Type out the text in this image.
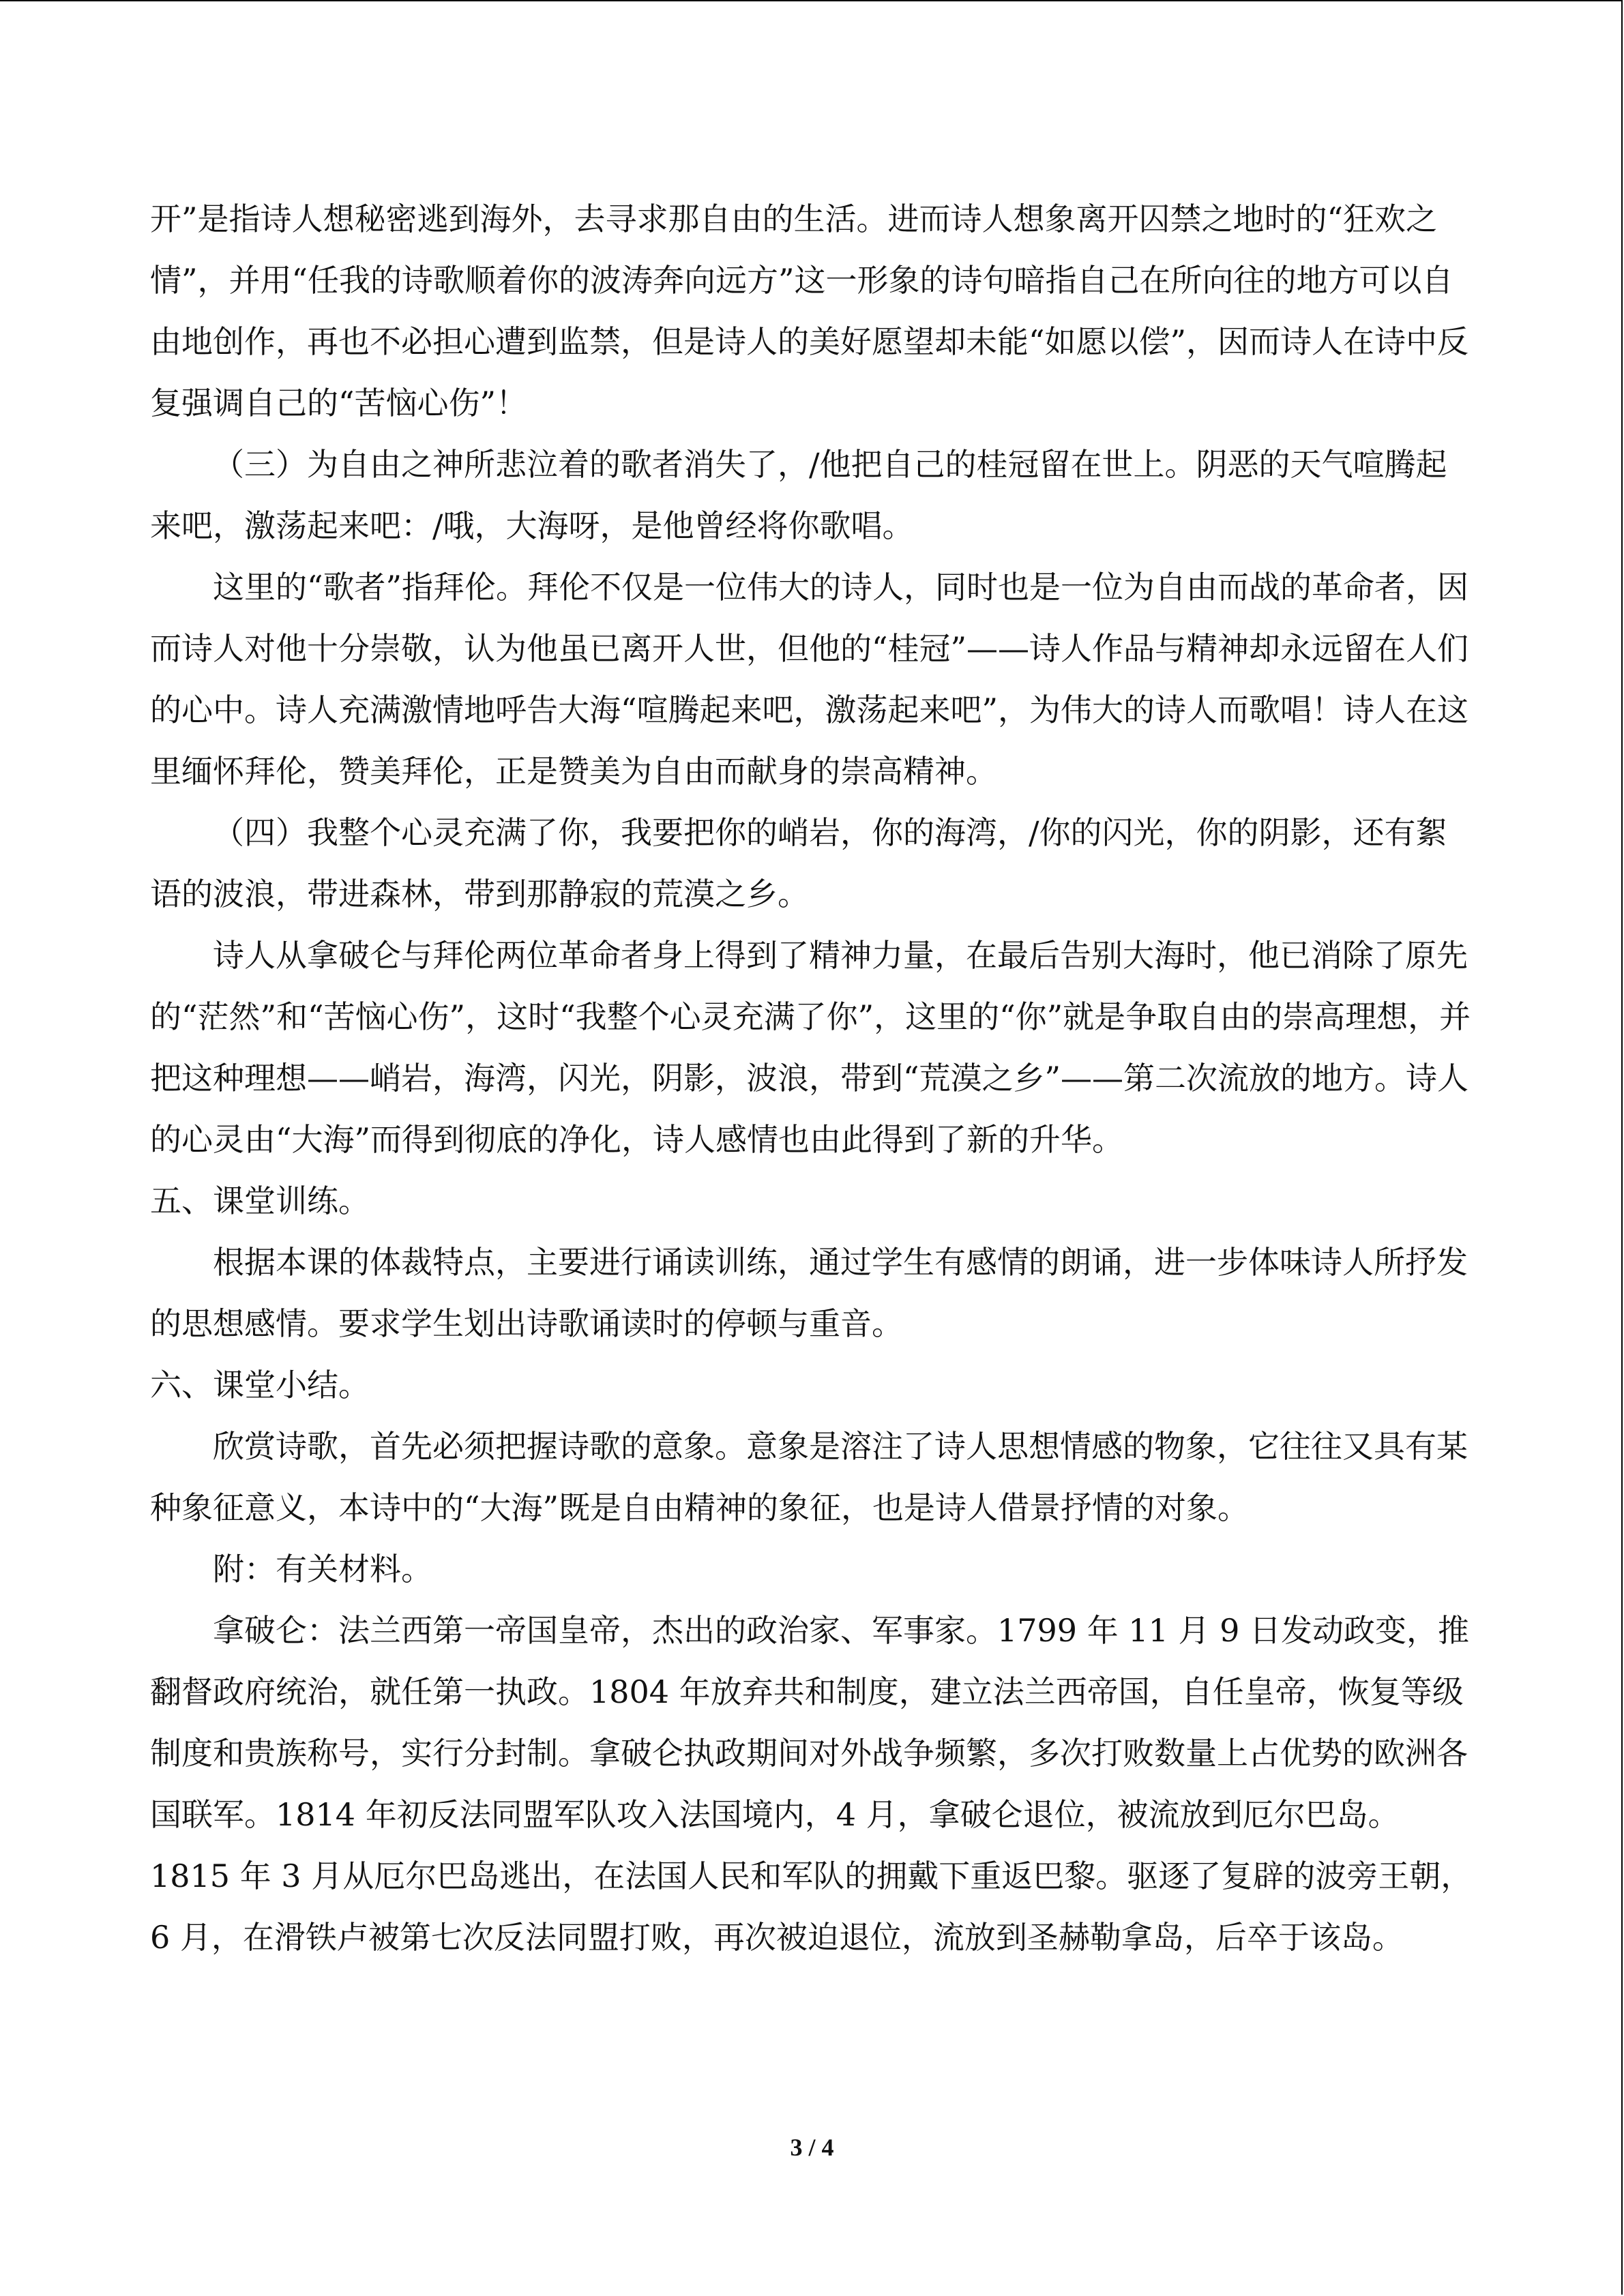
开”是指诗人想秘密逃到海外，去寻求那自由的生活。进而诗人想象离开囚禁之地时的“狂欢之情”，并用“任我的诗歌顺着你的波涛奔向远方”这一形象的诗句暗指自己在所向往的地方可以自由地创作，再也不必担心遭到监禁，但是诗人的美好愿望却未能“如愿以偿”，因而诗人在诗中反复强调自己的“苦恼心伤”！

（三）为自由之神所悲泣着的歌者消失了，/他把自己的桂冠留在世上。阴恶的天气喧腾起来吧，激荡起来吧：/哦，大海呀，是他曾经将你歌唱。

这里的“歌者”指拜伦。拜伦不仅是一位伟大的诗人，同时也是一位为自由而战的革命者，因而诗人对他十分崇敬，认为他虽已离开人世，但他的“桂冠”——诗人作品与精神却永远留在人们的心中。诗人充满激情地呼告大海“喧腾起来吧，激荡起来吧”，为伟大的诗人而歌唱！诗人在这里缅怀拜伦，赞美拜伦，正是赞美为自由而献身的崇高精神。

（四）我整个心灵充满了你，我要把你的峭岩，你的海湾，/你的闪光，你的阴影，还有絮语的波浪，带进森林，带到那静寂的荒漠之乡。

诗人从拿破仑与拜伦两位革命者身上得到了精神力量，在最后告别大海时，他已消除了原先的“茫然”和“苦恼心伤”，这时“我整个心灵充满了你”，这里的“你”就是争取自由的崇高理想，并把这种理想——峭岩，海湾，闪光，阴影，波浪，带到“荒漠之乡”——第二次流放的地方。诗人的心灵由“大海”而得到彻底的净化，诗人感情也由此得到了新的升华。

五、课堂训练。

根据本课的体裁特点，主要进行诵读训练，通过学生有感情的朗诵，进一步体味诗人所抒发的思想感情。要求学生划出诗歌诵读时的停顿与重音。

六、课堂小结。

欣赏诗歌，首先必须把握诗歌的意象。意象是溶注了诗人思想情感的物象，它往往又具有某种象征意义，本诗中的“大海”既是自由精神的象征，也是诗人借景抒情的对象。

附：有关材料。

拿破仑：法兰西第一帝国皇帝，杰出的政治家、军事家。1799 年 11 月 9 日发动政变，推翻督政府统治，就任第一执政。1804 年放弃共和制度，建立法兰西帝国，自任皇帝，恢复等级制度和贵族称号，实行分封制。拿破仑执政期间对外战争频繁，多次打败数量上占优势的欧洲各国联军。1814 年初反法同盟军队攻入法国境内，4 月，拿破仑退位，被流放到厄尔巴岛。1815 年 3 月从厄尔巴岛逃出，在法国人民和军队的拥戴下重返巴黎。驱逐了复辟的波旁王朝，6 月，在滑铁卢被第七次反法同盟打败，再次被迫退位，流放到圣赫勒拿岛，后卒于该岛。

3 / 4
